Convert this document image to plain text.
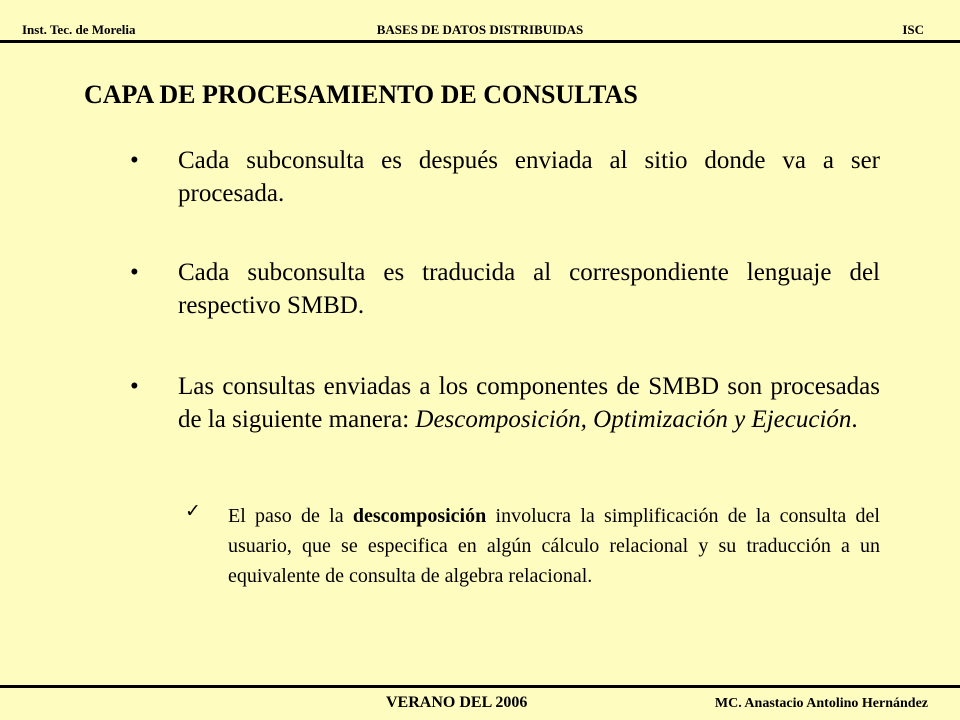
Inst. Tec. de Morelia	BASES DE DATOS DISTRIBUIDAS	ISC
CAPA DE PROCESAMIENTO DE CONSULTAS
• Cada subconsulta es después enviada al sitio donde va a ser procesada.
• Cada subconsulta es traducida al correspondiente lenguaje del respectivo SMBD.
• Las consultas enviadas a los componentes de SMBD son procesadas de la siguiente manera: Descomposición, Optimización y Ejecución.
✓ El paso de la descomposición involucra la simplificación de la consulta del usuario, que se especifica en algún cálculo relacional y su traducción a un equivalente de consulta de algebra relacional.
VERANO DEL 2006	MC. Anastacio Antolino Hernández
